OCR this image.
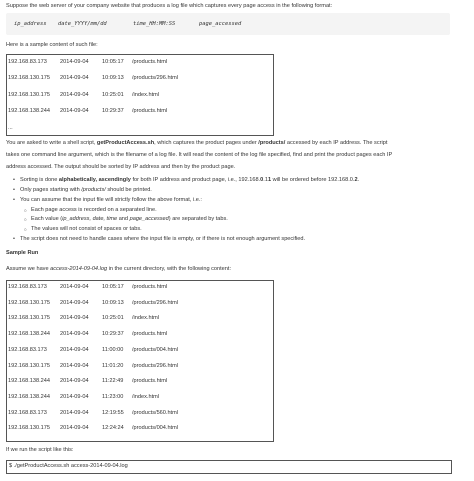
Suppose the web server of your company website that produces a log file which captures every page access in the following format:

ip_address date_YYYY/mm/dd	time_HH:MM:SS	page_accessed

Here is a sample content of such file:

192.168.83.173

2014-09-04

10:05:17

/products.html

192.168.130.175

2014-09-04

10:09:13

/products/296.html

192.168.130.175

2014-09-04

10:25:01

/index.html

192.168.138.244

2014-09-04

10:29:37

/products.html

...

You are asked to write a shell script, getProductAccess.sh, which captures the product pages under /products/ accessed by each IP address. The script

takes one command line argument, which is the filename of a log file. It will read the content of the log file specified, find and print the product pages each IP

address accessed. The output should be sorted by IP address and then by the product page.

• Sorting is done alphabetically, ascendingly for both IP address and product page, i.e., 192.168.0.11 will be ordered before 192.168.0.2.
• Only pages starting with /products/ should be printed.
• You can assume that the input file will strictly follow the above format, i.e.:
○ Each page access is recorded on a separated line.
○ Each value (ip_address, date, time and page_accessed) are separated by tabs.
○ The values will not consist of spaces or tabs.
• The script does not need to handle cases where the input file is empty, or if there is not enough argument specified.

Sample Run

Assume we have access-2014-09-04.log in the current directory, with the following content:

192.168.83.173 2014-09-04 10:05:17 /products.html
192.168.130.175 2014-09-04 10:09:13 /products/296.html
192.168.130.175 2014-09-04 10:25:01 /index.html
192.168.138.244 2014-09-04 10:29:37 /products.html
192.168.83.173 2014-09-04 11:00:00 /products/004.html
192.168.130.175 2014-09-04 11:01:20 /products/296.html
192.168.138.244 2014-09-04 11:22:49 /products.html
192.168.138.244 2014-09-04 11:23:00 /index.html
192.168.83.173 2014-09-04 12:19:55 /products/560.html
192.168.130.175 2014-09-04 12:24:24 /products/004.html

If we run the script like this:

$ ./getProductAccess.sh access-2014-09-04.log
